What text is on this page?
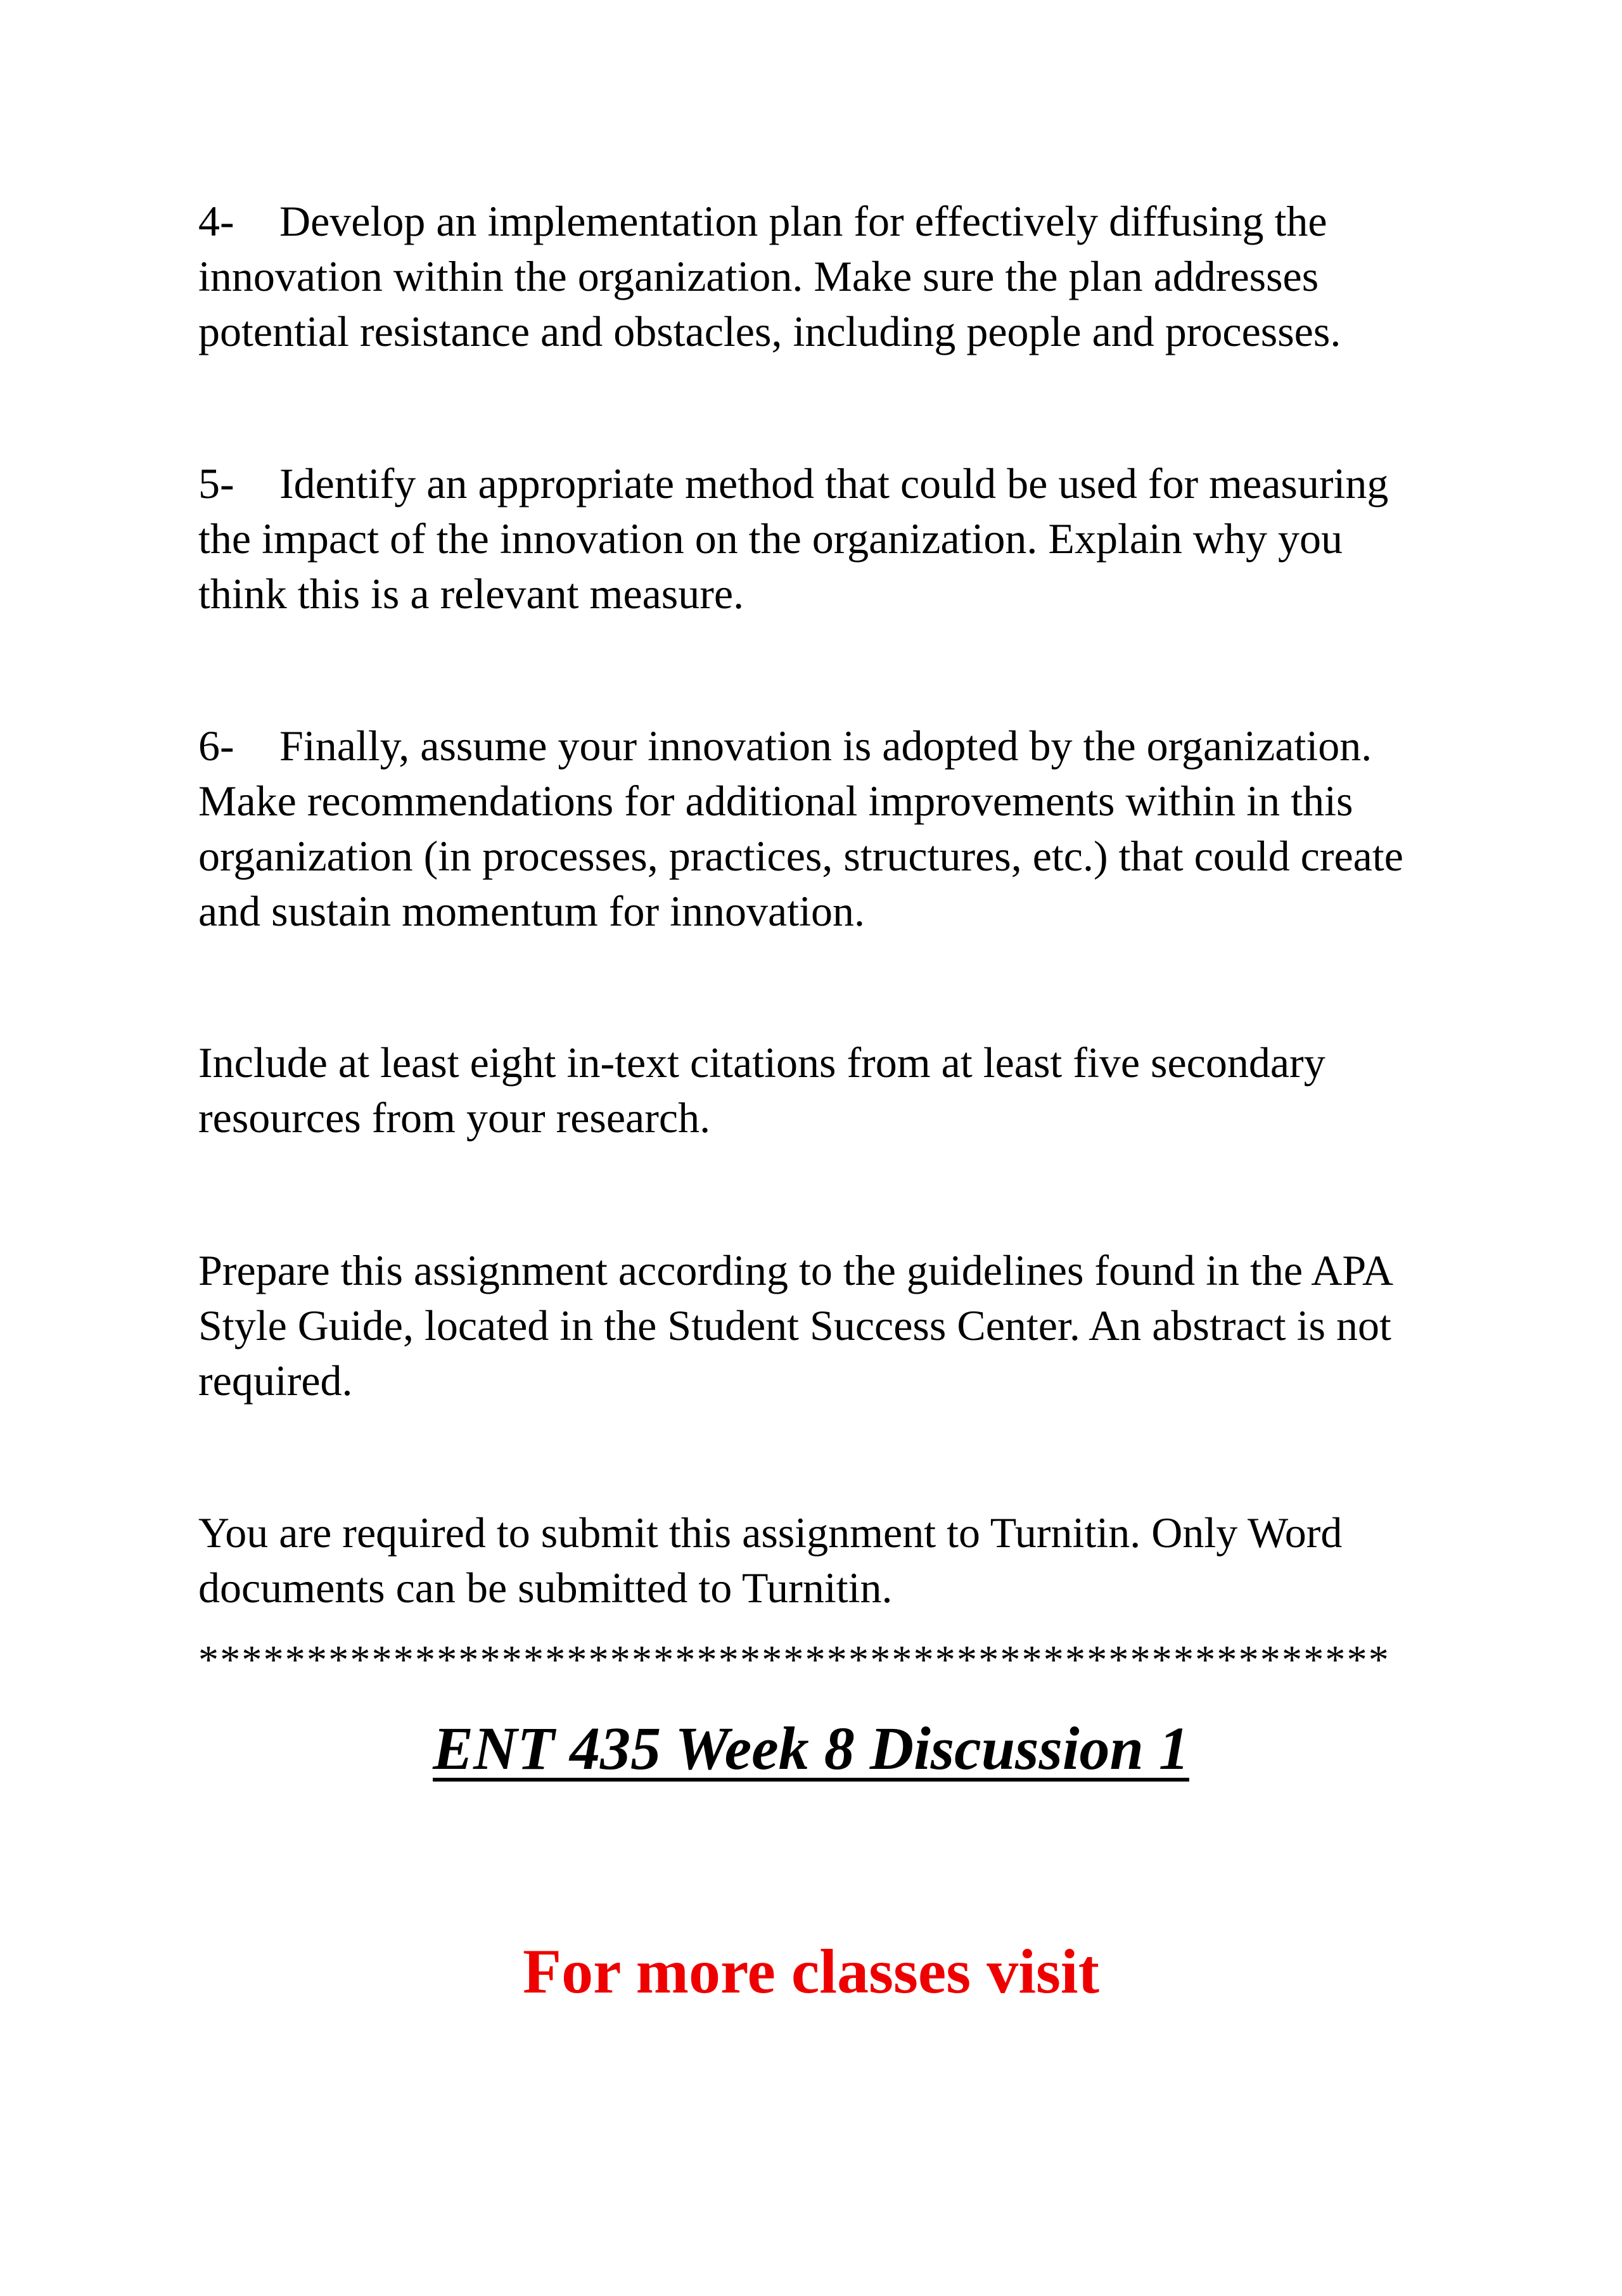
4- Develop an implementation plan for effectively diffusing the
innovation within the organization. Make sure the plan addresses
potential resistance and obstacles, including people and processes.

5- Identify an appropriate method that could be used for measuring
the impact of the innovation on the organization. Explain why you
think this is a relevant measure.

6- Finally, assume your innovation is adopted by the organization.
Make recommendations for additional improvements within in this
organization (in processes, practices, structures, etc.) that could create
and sustain momentum for innovation.

Include at least eight in-text citations from at least five secondary
resources from your research.

Prepare this assignment according to the guidelines found in the APA
Style Guide, located in the Student Success Center. An abstract is not
required.

You are required to submit this assignment to Turnitin. Only Word
documents can be submitted to Turnitin.

*******************************************************
ENT 435 Week 8 Discussion 1

For more classes visit
